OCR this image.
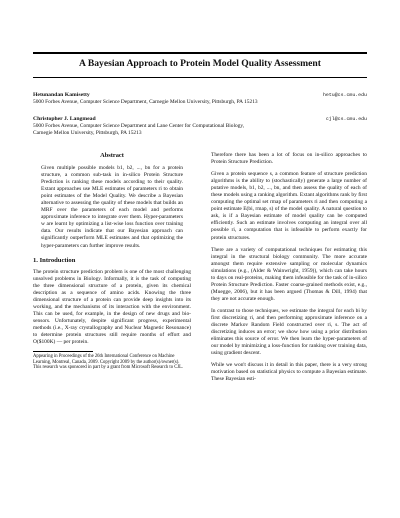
A Bayesian Approach to Protein Model Quality Assessment
Hetunandan Kamisetty	hetu@cs.cmu.edu
5000 Forbes Avenue, Computer Science Department, Carnegie Mellon University, Pittsburgh, PA 15213
Christopher J. Langmead	cjl@cs.cmu.edu
5000 Forbes Avenue, Computer Science Department and Lane Center for Computational Biology,
Carnegie Mellon University, Pittsburgh, PA 15213
Abstract

Given multiple possible models b1, b2, ..., bn for a protein structure, a common sub-task in in-silico Protein Structure Prediction is ranking these models according to their quality. Extant approaches use MLE estimates of parameters ri to obtain point estimates of the Model Quality. We describe a Bayesian alternative to assessing the quality of these models that builds an MRF over the parameters of each model and performs approximate inference to integrate over them. Hyper-parameters w are learnt by optimizing a list-wise loss function over training data. Our results indicate that our Bayesian approach can significantly outperform MLE estimates and that optimizing the hyper-parameters can further improve results.

1. Introduction

The protein structure prediction problem is one of the most challenging unsolved problems in Biology. Informally, it is the task of computing the three dimensional structure of a protein, given its chemical description as a sequence of amino acids. Knowing the three dimensional structure of a protein can provide deep insights into its working, and the mechanisms of its interaction with the environment. This can be used, for example, in the design of new drugs and bio-sensors. Unfortunately, despite significant progress, experimental methods (i.e., X-ray crystallography and Nuclear Magnetic Resonance) to determine protein structures still require months of effort and O($100K) — per protein.

Appearing in Proceedings of the 26th International Conference on Machine Learning, Montreal, Canada, 2009. Copyright 2009 by the author(s)/owner(s).
This research was sponsored in part by a grant from Microsoft Research to CJL.

Therefore there has been a lot of focus on in-silico approaches to Protein Structure Prediction.

Given a protein sequence s, a common feature of structure prediction algorithms is the ability to (stochastically) generate a large number of putative models, b1, b2, ..., bn, and then assess the quality of each of these models using a ranking algorithm. Extant algorithms rank by first computing the optimal set rmap of parameters ri and then computing a point estimate E(bi, rmap, s) of the model quality. A natural question to ask, is if a Bayesian estimate of model quality can be computed efficiently. Such an estimate involves computing an integral over all possible ri, a computation that is infeasible to perform exactly for protein structures.

There are a variety of computational techniques for estimating this integral in the structural biology community. The more accurate amongst them require extensive sampling or molecular dynamics simulations (e.g., (Alder & Wainwright, 1959)), which can take hours to days on real-proteins, making them infeasible for the task of in-silico Protein Structure Prediction. Faster coarse-grained methods exist, e.g., (Muegge, 2006), but it has been argued (Thomas & Dill, 1994) that they are not accurate enough.

In contrast to those techniques, we estimate the integral for each bi by first discretizing ri, and then performing approximate inference on a discrete Markov Random Field constructed over ri, s. The act of discretizing induces an error; we show how using a prior distribution eliminates this source of error. We then learn the hyper-parameters of our model by minimizing a loss-function for ranking over training data, using gradient descent.

While we won't discuss it in detail in this paper, there is a very strong motivation based on statistical physics to compute a Bayesian estimate. These Bayesian esti-
